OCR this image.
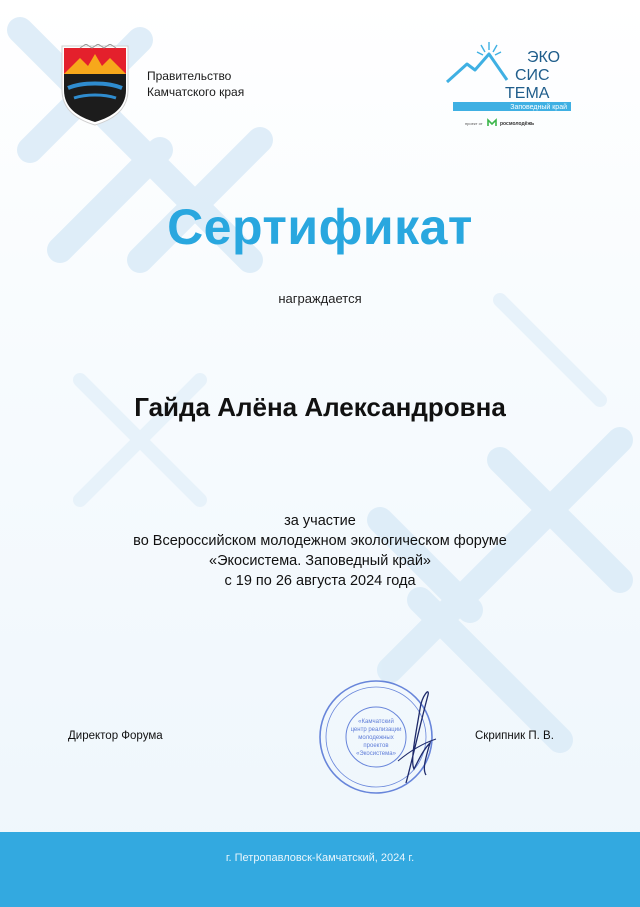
Правительство
Камчатского края
ЭКО
СИС
ТЕМА
Заповедный край
проект от	росмолодёжь
Сертификат
награждается
Гайда Алёна Александровна
за участие
во Всероссийском молодежном экологическом форуме
«Экосистема. Заповедный край»
с 19 по 26 августа 2024 года
Директор Форума
«Камчатский
центр реализации
молодежных
проектов
«Экосистема»
Скрипник П. В.
г. Петропавловск-Камчатский, 2024 г.
